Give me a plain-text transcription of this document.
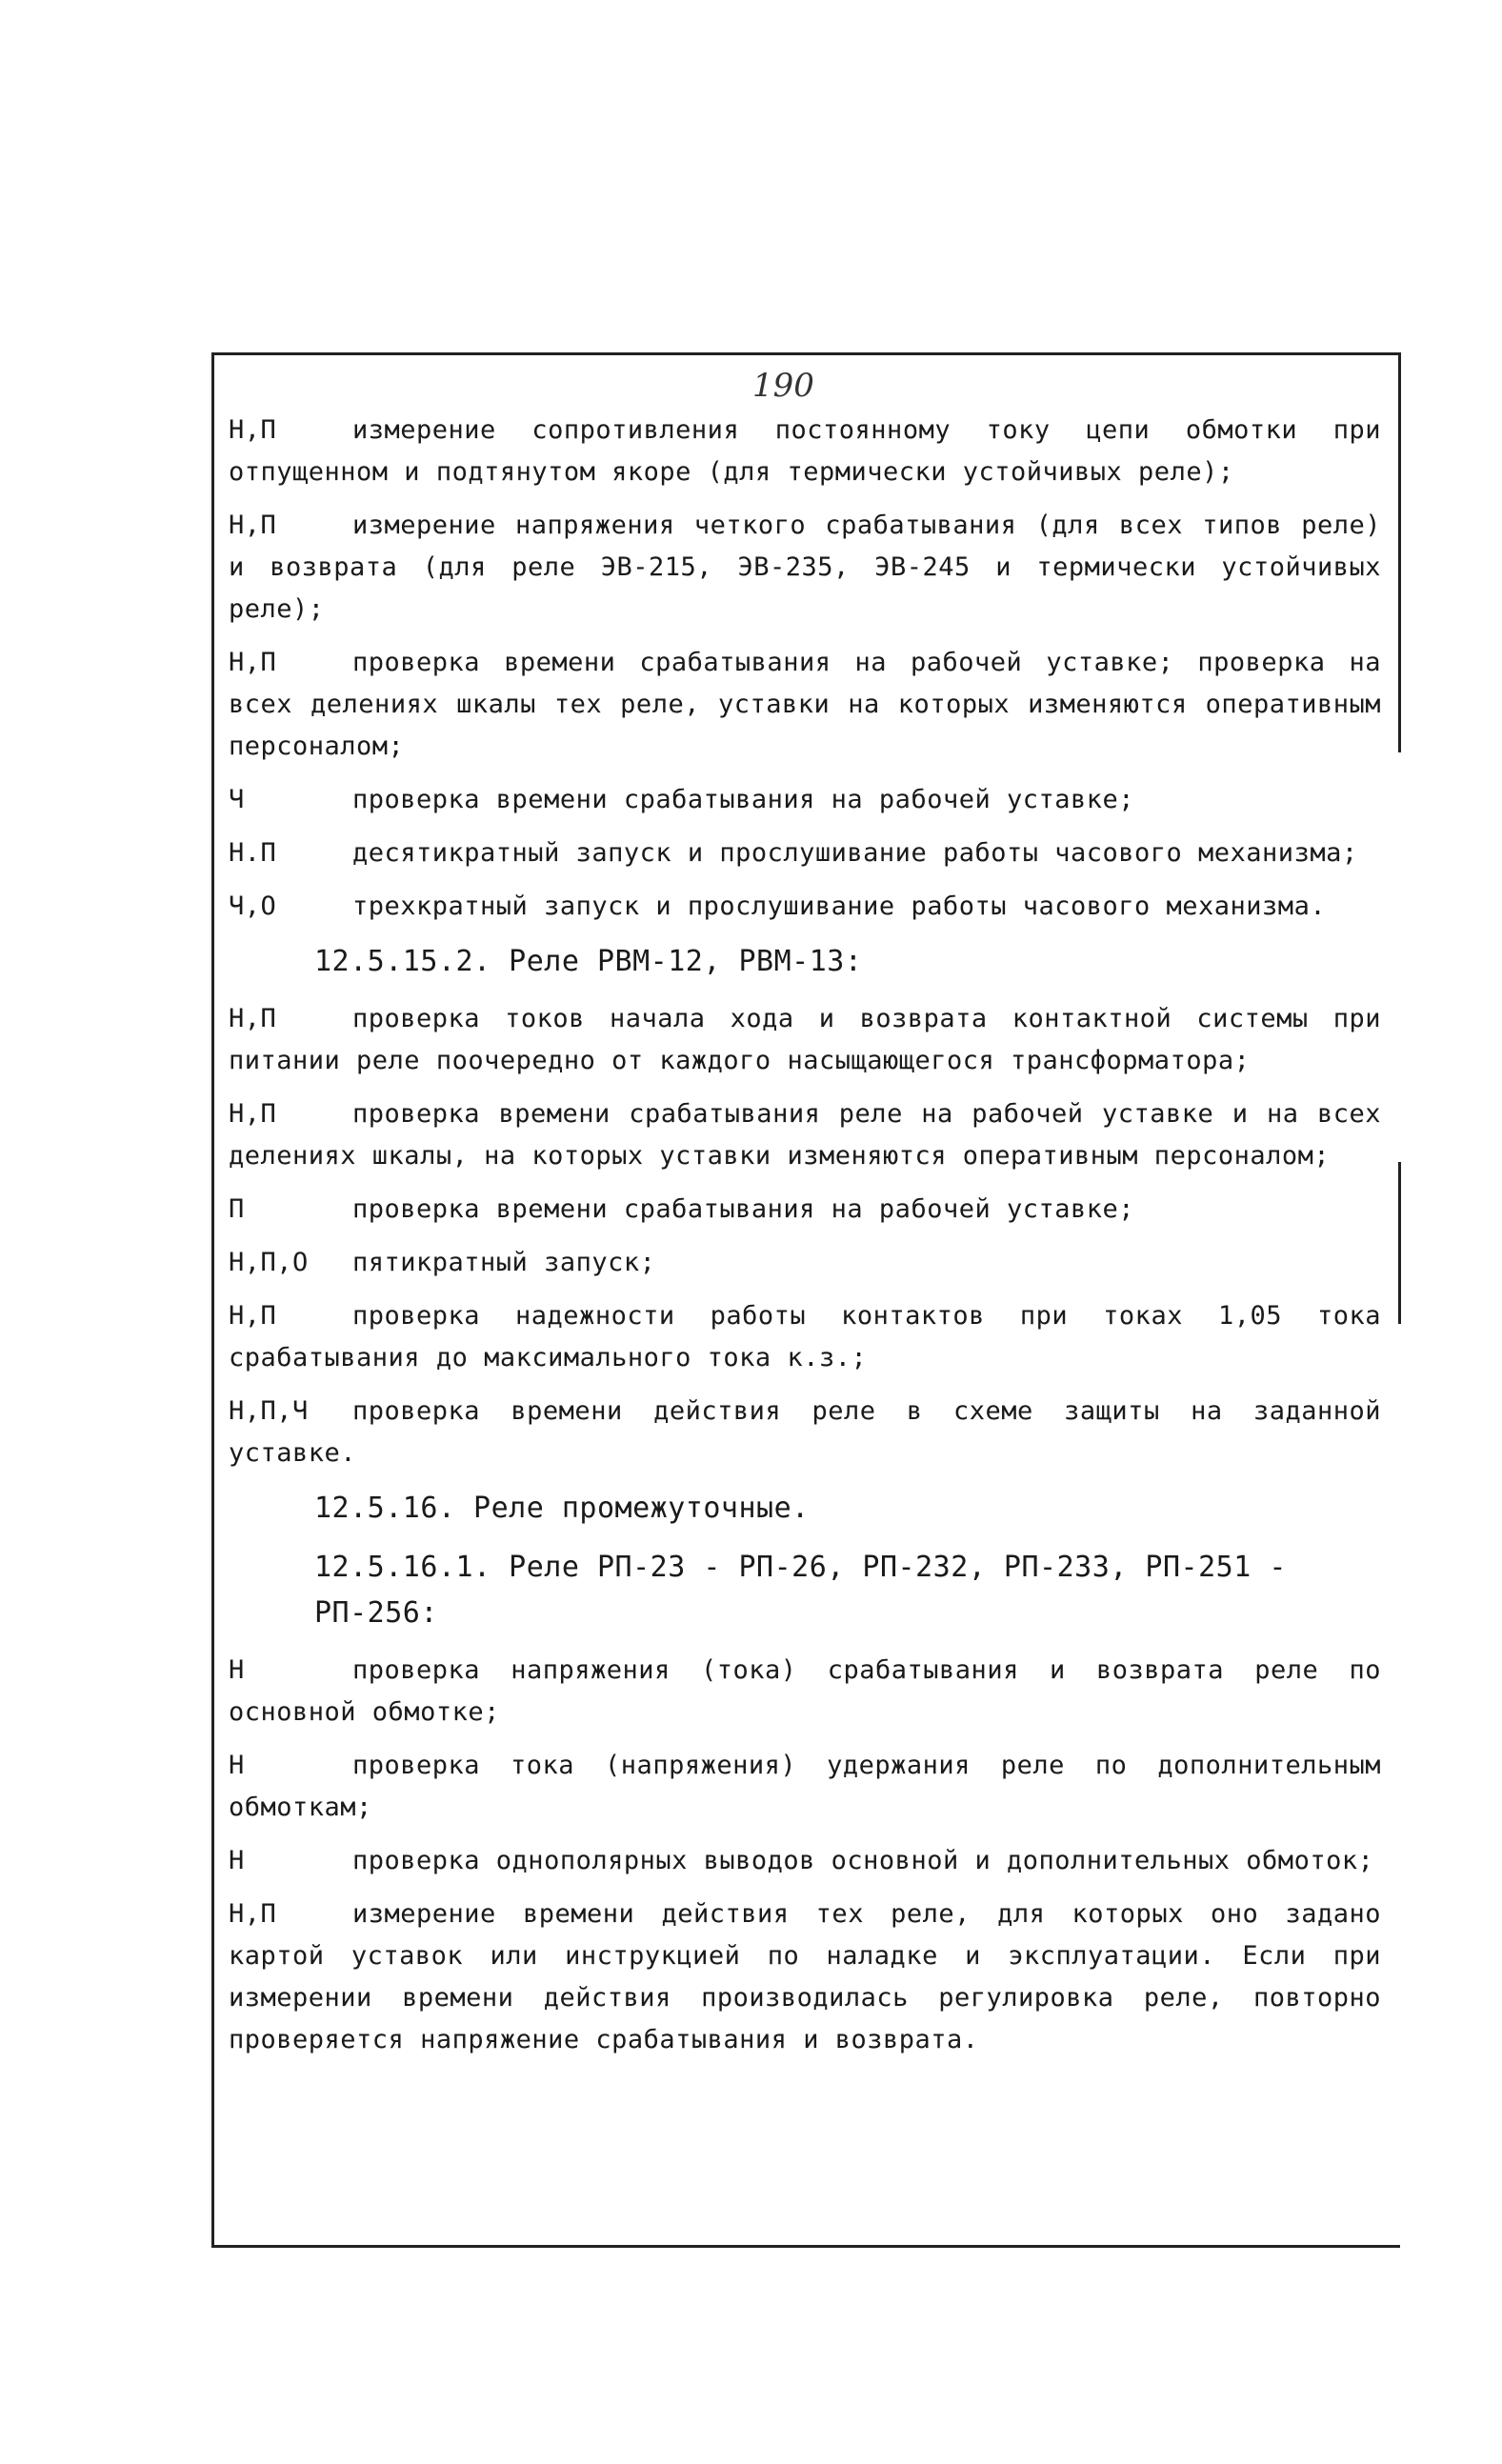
190
Н,П	измерение сопротивления постоянному току цепи обмотки при отпущенном и подтянутом якоре (для термически устойчивых реле);
Н,П	измерение напряжения четкого срабатывания (для всех типов реле) и возврата (для реле ЭВ-215, ЭВ-235, ЭВ-245 и термически устойчивых реле);
Н,П	проверка времени срабатывания на рабочей уставке; проверка на всех делениях шкалы тех реле, уставки на которых изменяются оперативным персоналом;
Ч	проверка времени срабатывания на рабочей уставке;
Н.П	десятикратный запуск и прослушивание работы часового механизма;
Ч,О	трехкратный запуск и прослушивание работы часового механизма.
12.5.15.2. Реле РВМ-12, РВМ-13:
Н,П	проверка токов начала хода и возврата контактной системы при питании реле поочередно от каждого насыщающегося трансформатора;
Н,П	проверка времени срабатывания реле на рабочей уставке и на всех делениях шкалы, на которых уставки изменяются оперативным персоналом;
П	проверка времени срабатывания на рабочей уставке;
Н,П,О	пятикратный запуск;
Н,П	проверка надежности работы контактов при токах 1,05 тока срабатывания до максимального тока к.з.;
Н,П,Ч	проверка времени действия реле в схеме защиты на заданной уставке.
12.5.16. Реле промежуточные.
12.5.16.1. Реле РП-23 - РП-26, РП-232, РП-233, РП-251 - РП-256:
Н	проверка напряжения (тока) срабатывания и возврата реле по основной обмотке;
Н	проверка тока (напряжения) удержания реле по дополнительным обмоткам;
Н	проверка однополярных выводов основной и дополнительных обмоток;
Н,П	измерение времени действия тех реле, для которых оно задано картой уставок или инструкцией по наладке и эксплуатации. Если при измерении времени действия производилась регулировка реле, повторно проверяется напряжение срабатывания и возврата.
